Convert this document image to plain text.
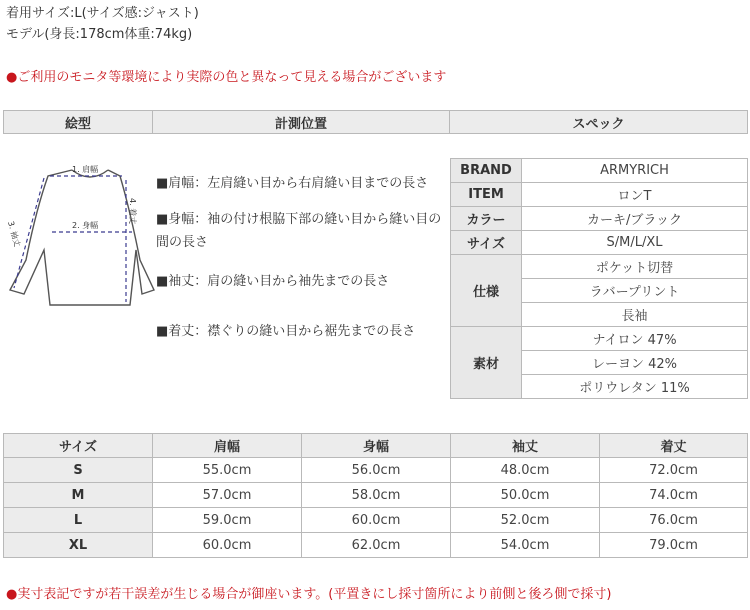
着用サイズ:L(サイズ感:ジャスト)
モデル(身長:178cm体重:74kg)
●ご利用のモニタ等環境により実際の色と異なって見える場合がございます
絵型	計測位置	スペック
1. 肩幅
2. 身幅
3. 袖丈
4. 着丈
■肩幅：左肩縫い目から右肩縫い目までの長さ
■身幅：袖の付け根脇下部の縫い目から縫い目の間の長さ
■袖丈：肩の縫い目から袖先までの長さ
■着丈：襟ぐりの縫い目から裾先までの長さ
BRAND	ARMYRICH
ITEM	ロンT
カラー	カーキ/ブラック
サイズ	S/M/L/XL
仕様	ポケット切替
	ラバープリント
	長袖
素材	ナイロン 47%
	レーヨン 42%
	ポリウレタン 11%
サイズ	肩幅	身幅	袖丈	着丈
S	55.0cm	56.0cm	48.0cm	72.0cm
M	57.0cm	58.0cm	50.0cm	74.0cm
L	59.0cm	60.0cm	52.0cm	76.0cm
XL	60.0cm	62.0cm	54.0cm	79.0cm
●実寸表記ですが若干誤差が生じる場合が御座います。(平置きにし採寸箇所により前側と後ろ側で採寸)
